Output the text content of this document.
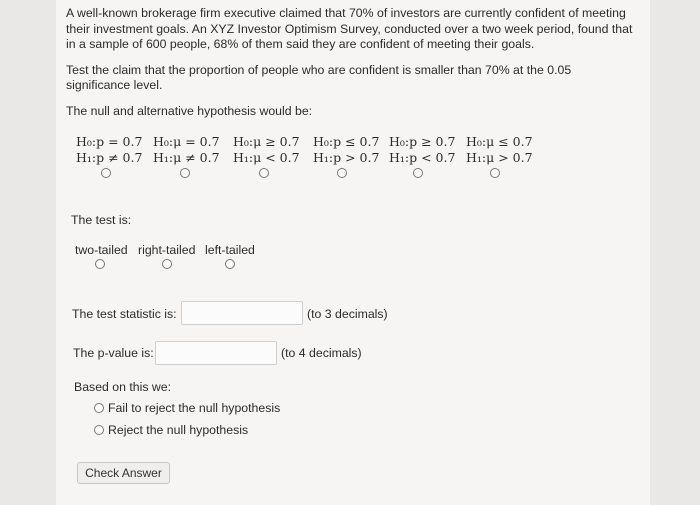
A well-known brokerage firm executive claimed that 70% of investors are currently confident of meeting their investment goals. An XYZ Investor Optimism Survey, conducted over a two week period, found that in a sample of 600 people, 68% of them said they are confident of meeting their goals.

Test the claim that the proportion of people who are confident is smaller than 70% at the 0.05 significance level.

The null and alternative hypothesis would be:

H₀:p = 0.7 H₀:μ = 0.7 H₀:μ ≥ 0.7 H₀:p ≤ 0.7 H₀:p ≥ 0.7 H₀:μ ≤ 0.7
H₁:p ≠ 0.7 H₁:μ ≠ 0.7 H₁:μ < 0.7 H₁:p > 0.7 H₁:p < 0.7 H₁:μ > 0.7
The test is:
two-tailed right-tailed left-tailed
The test statistic is:	(to 3 decimals)
The p-value is:	(to 4 decimals)
Based on this we:
Fail to reject the null hypothesis
Reject the null hypothesis
Check Answer
